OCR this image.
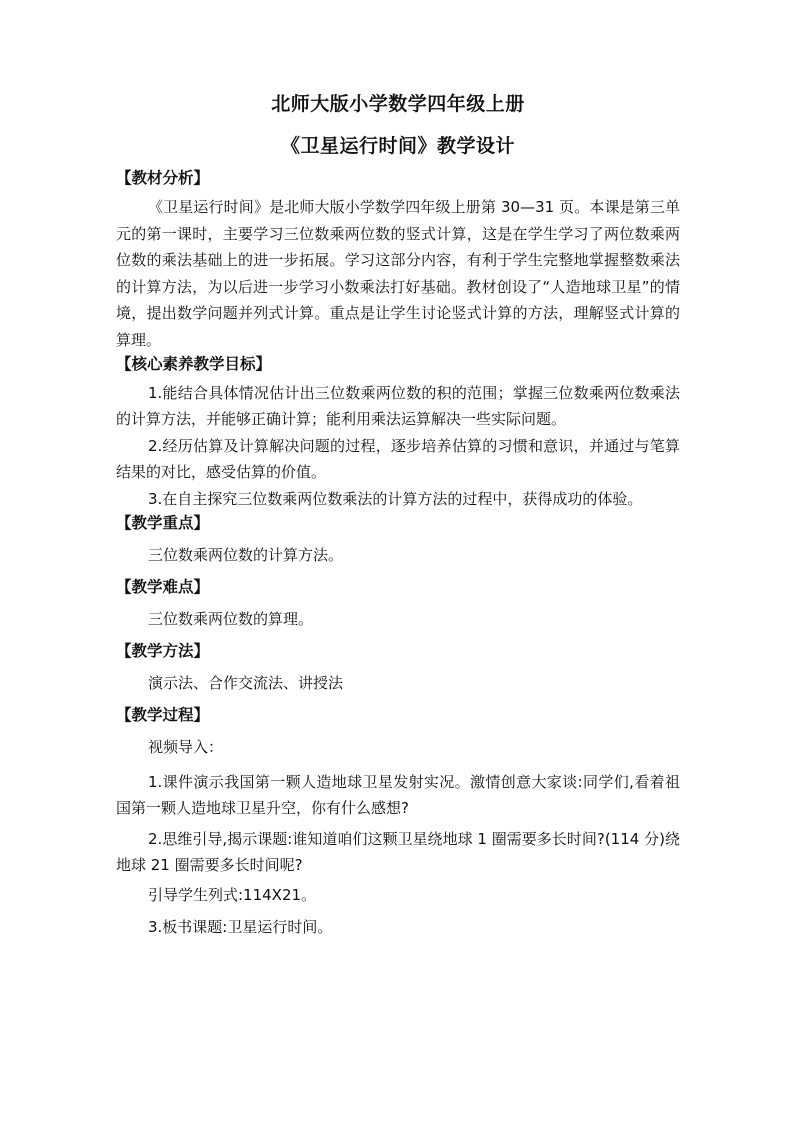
北师大版小学数学四年级上册
《卫星运行时间》教学设计
【教材分析】

《卫星运行时间》是北师大版小学数学四年级上册第 30—31 页。本课是第三单元的第一课时，主要学习三位数乘两位数的竖式计算，这是在学生学习了两位数乘两位数的乘法基础上的进一步拓展。学习这部分内容，有利于学生完整地掌握整数乘法的计算方法，为以后进一步学习小数乘法打好基础。教材创设了“人造地球卫星”的情境，提出数学问题并列式计算。重点是让学生讨论竖式计算的方法，理解竖式计算的算理。

【核心素养教学目标】

1.能结合具体情况估计出三位数乘两位数的积的范围；掌握三位数乘两位数乘法的计算方法，并能够正确计算；能利用乘法运算解决一些实际问题。

2.经历估算及计算解决问题的过程，逐步培养估算的习惯和意识，并通过与笔算结果的对比，感受估算的价值。

3.在自主探究三位数乘两位数乘法的计算方法的过程中，获得成功的体验。

【教学重点】

三位数乘两位数的计算方法。

【教学难点】

三位数乘两位数的算理。

【教学方法】

演示法、合作交流法、讲授法

【教学过程】

视频导入：

1.课件演示我国第一颗人造地球卫星发射实况。激情创意大家谈:同学们,看着祖国第一颗人造地球卫星升空，你有什么感想?

2.思维引导,揭示课题:谁知道咱们这颗卫星绕地球 1 圈需要多长时间?(114 分)绕地球 21 圈需要多长时间呢?

引导学生列式:114X21。

3.板书课题:卫星运行时间。
